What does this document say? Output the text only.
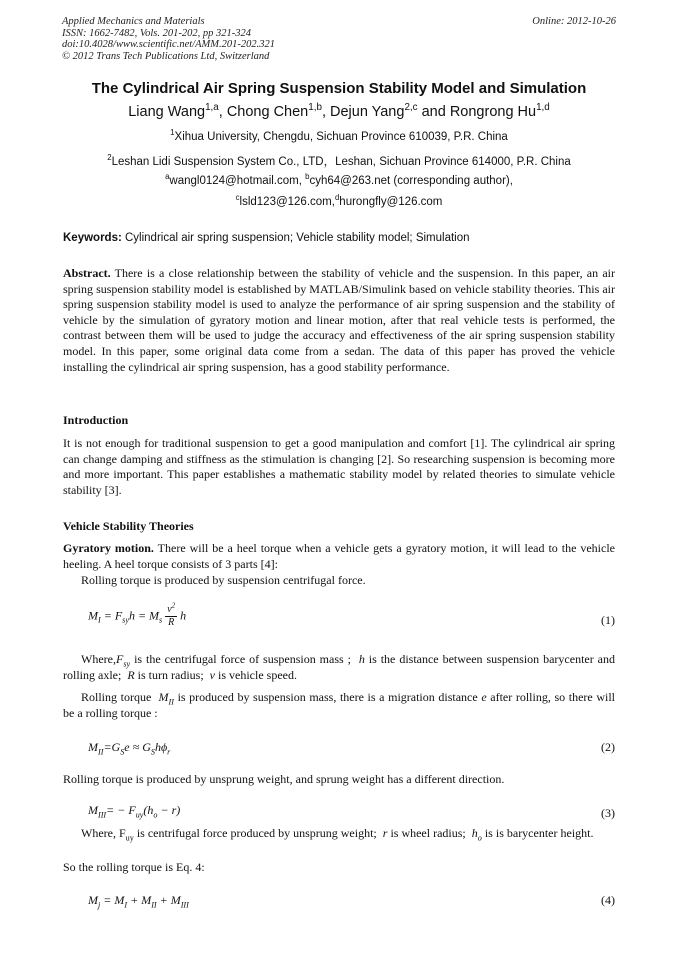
Applied Mechanics and Materials
ISSN: 1662-7482, Vols. 201-202, pp 321-324
doi:10.4028/www.scientific.net/AMM.201-202.321
© 2012 Trans Tech Publications Ltd, Switzerland
Online: 2012-10-26
The Cylindrical Air Spring Suspension Stability Model and Simulation
Liang Wang$^{1,a}$, Chong Chen$^{1,b}$, Dejun Yang$^{2,c}$ and Rongrong Hu$^{1,d}$
$^1$Xihua University, Chengdu, Sichuan Province 610039, P.R. China
$^2$Leshan Lidi Suspension System Co., LTD，Leshan, Sichuan Province 614000, P.R. China
$^a$wangl0124@hotmail.com, $^b$cyh64@263.net (corresponding author),
$^c$lsld123@126.com,$^d$hurongfly@126.com
Keywords: Cylindrical air spring suspension; Vehicle stability model; Simulation
Abstract. There is a close relationship between the stability of vehicle and the suspension. In this paper, an air spring suspension stability model is established by MATLAB/Simulink based on vehicle stability theories. This air spring suspension stability model is used to analyze the performance of air spring suspension and the stability of vehicle by the simulation of gyratory motion and linear motion, after that real vehicle tests is performed, the contrast between them will be used to judge the accuracy and effectiveness of the air spring suspension stability model. In this paper, some original data come from a sedan. The data of this paper has proved the vehicle installing the cylindrical air spring suspension, has a good stability performance.
Introduction
It is not enough for traditional suspension to get a good manipulation and comfort [1]. The cylindrical air spring can change damping and stiffness as the stimulation is changing [2]. So researching suspension is becoming more and more important. This paper establishes a mathematic stability model by related theories to simulate vehicle stability [3].
Vehicle Stability Theories
Gyratory motion. There will be a heel torque when a vehicle gets a gyratory motion, it will lead to the vehicle heeling. A heel torque consists of 3 parts [4]:
Rolling torque is produced by suspension centrifugal force.
$M_I = F_{sy}h = M_s \frac{v^2}{R}$ h	(1)
$Where,F_{sy}$ is the centrifugal force of suspension mass ; h is the distance between suspension barycenter and rolling axle; R is turn radius; v is vehicle speed.
Rolling torque $M_{II}$ is produced by suspension mass, there is a migration distance e after rolling, so there will be a rolling torque :
$M_{II}=G_Se \approx G_Sh\phi_r$	(2)
Rolling torque is produced by unsprung weight, and sprung weight has a different direction.
$M_{III}= - F_{uy}(h_o - r)$	(3)
Where, $F_{uy}$ is centrifugal force produced by unsprung weight; r is wheel radius; $h_o$ is is barycenter height.
So the rolling torque is Eq. 4:
$M_j = M_I + M_{II} + M_{III}$	(4)
